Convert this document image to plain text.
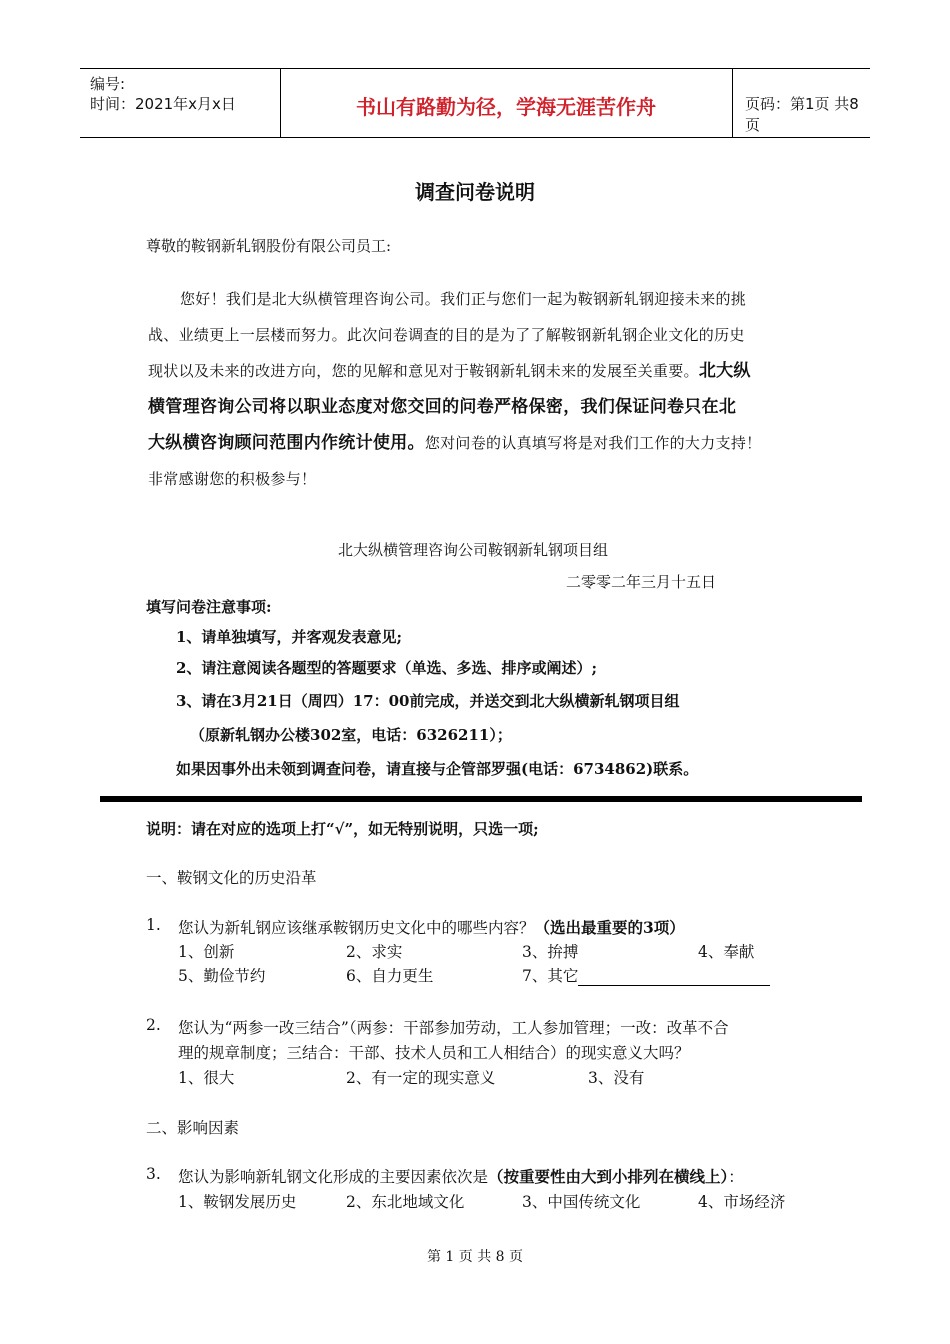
编号:
时间：2021年x月x日	书山有路勤为径，学海无涯苦作舟	页码：第1页 共8页
调查问卷说明
尊敬的鞍钢新轧钢股份有限公司员工:
您好！我们是北大纵横管理咨询公司。我们正与您们一起为鞍钢新轧钢迎接未来的挑
战、业绩更上一层楼而努力。此次问卷调查的目的是为了了解鞍钢新轧钢企业文化的历史
现状以及未来的改进方向，您的见解和意见对于鞍钢新轧钢未来的发展至关重要。北大纵
横管理咨询公司将以职业态度对您交回的问卷严格保密，我们保证问卷只在北
大纵横咨询顾问范围内作统计使用。您对问卷的认真填写将是对我们工作的大力支持！
非常感谢您的积极参与！
北大纵横管理咨询公司鞍钢新轧钢项目组
二零零二年三月十五日
填写问卷注意事项:
1、请单独填写，并客观发表意见;
2、请注意阅读各题型的答题要求（单选、多选、排序或阐述）;
3、请在3月21日（周四）17：00前完成，并送交到北大纵横新轧钢项目组
（原新轧钢办公楼302室，电话：6326211）；
如果因事外出未领到调查问卷，请直接与企管部罗强(电话：6734862)联系。
说明：请在对应的选项上打“√”，如无特别说明，只选一项;
一、鞍钢文化的历史沿革
1. 您认为新轧钢应该继承鞍钢历史文化中的哪些内容？（选出最重要的3项）
1、创新	2、求实	3、拚搏	4、奉献
5、勤俭节约	6、自力更生	7、其它
2. 您认为“两参一改三结合”（两参：干部参加劳动，工人参加管理；一改：改革不合
理的规章制度；三结合：干部、技术人员和工人相结合）的现实意义大吗？
1、很大	2、有一定的现实意义	3、没有
二、影响因素
3. 您认为影响新轧钢文化形成的主要因素依次是（按重要性由大到小排列在横线上）：
1、鞍钢发展历史	2、东北地域文化	3、中国传统文化	4、市场经济
第 1 页 共 8 页
